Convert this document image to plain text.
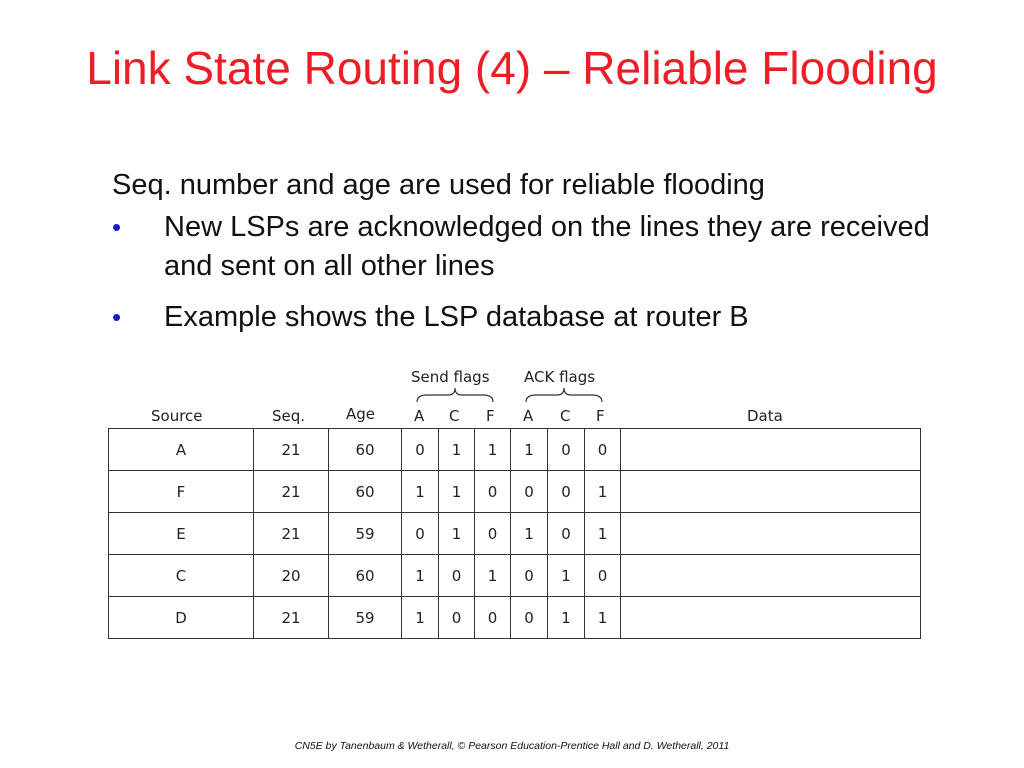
Link State Routing (4) – Reliable Flooding

Seq. number and age are used for reliable flooding

• New LSPs are acknowledged on the lines they are received and sent on all other lines
• Example shows the LSP database at router B
Send flags ACK flags
Source	Seq.	Age	A C F A C F	Data
A	21	60	0	1	1	1	0	0	
F	21	60	1	1	0	0	0	1	
E	21	59	0	1	0	1	0	1	
C	20	60	1	0	1	0	1	0	
D	21	59	1	0	0	0	1	1	
CN5E by Tanenbaum & Wetherall, © Pearson Education-Prentice Hall and D. Wetherall, 2011
